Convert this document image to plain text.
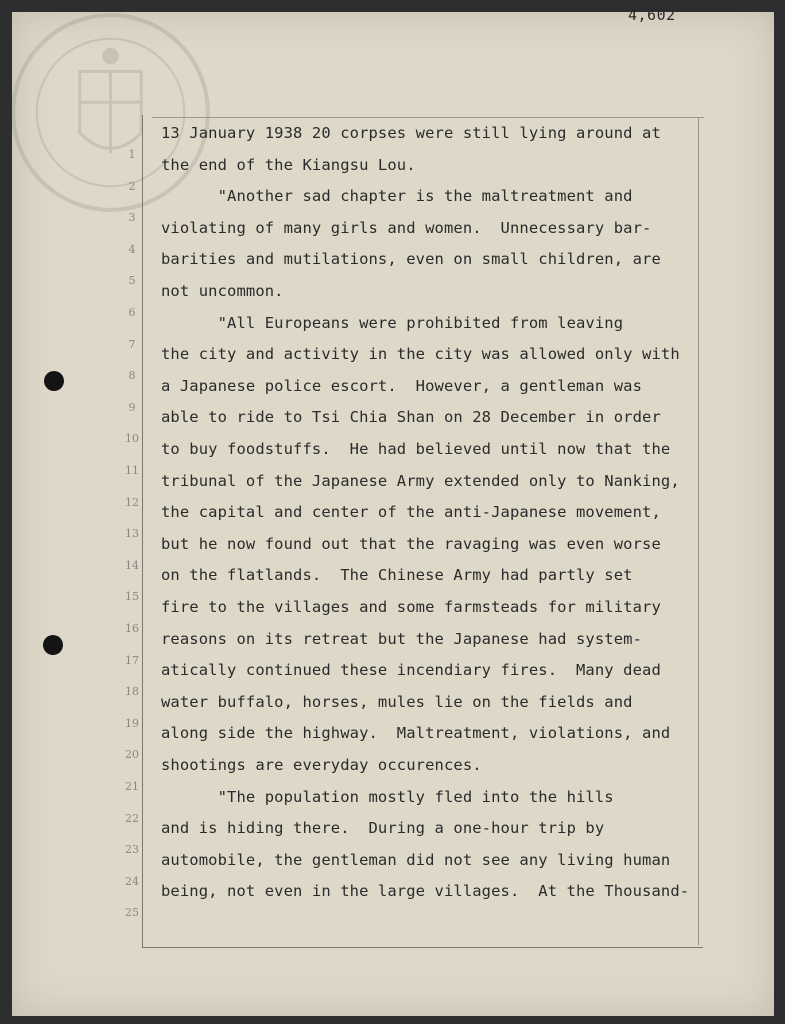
4,602
1
2
3
4
5
6
7
8
9
10
11
12
13
14
15
16
17
18
19
20
21
22
23
24
25
13 January 1938 20 corpses were still lying around at
the end of the Kiangsu Lou.
"Another sad chapter is the maltreatment and
violating of many girls and women.  Unnecessary bar-
barities and mutilations, even on small children, are
not uncommon.
"All Europeans were prohibited from leaving
the city and activity in the city was allowed only with
a Japanese police escort.  However, a gentleman was
able to ride to Tsi Chia Shan on 28 December in order
to buy foodstuffs.  He had believed until now that the
tribunal of the Japanese Army extended only to Nanking,
the capital and center of the anti-Japanese movement,
but he now found out that the ravaging was even worse
on the flatlands.  The Chinese Army had partly set
fire to the villages and some farmsteads for military
reasons on its retreat but the Japanese had system-
atically continued these incendiary fires.  Many dead
water buffalo, horses, mules lie on the fields and
along side the highway.  Maltreatment, violations, and
shootings are everyday occurences.
"The population mostly fled into the hills
and is hiding there.  During a one-hour trip by
automobile, the gentleman did not see any living human
being, not even in the large villages.  At the Thousand-
